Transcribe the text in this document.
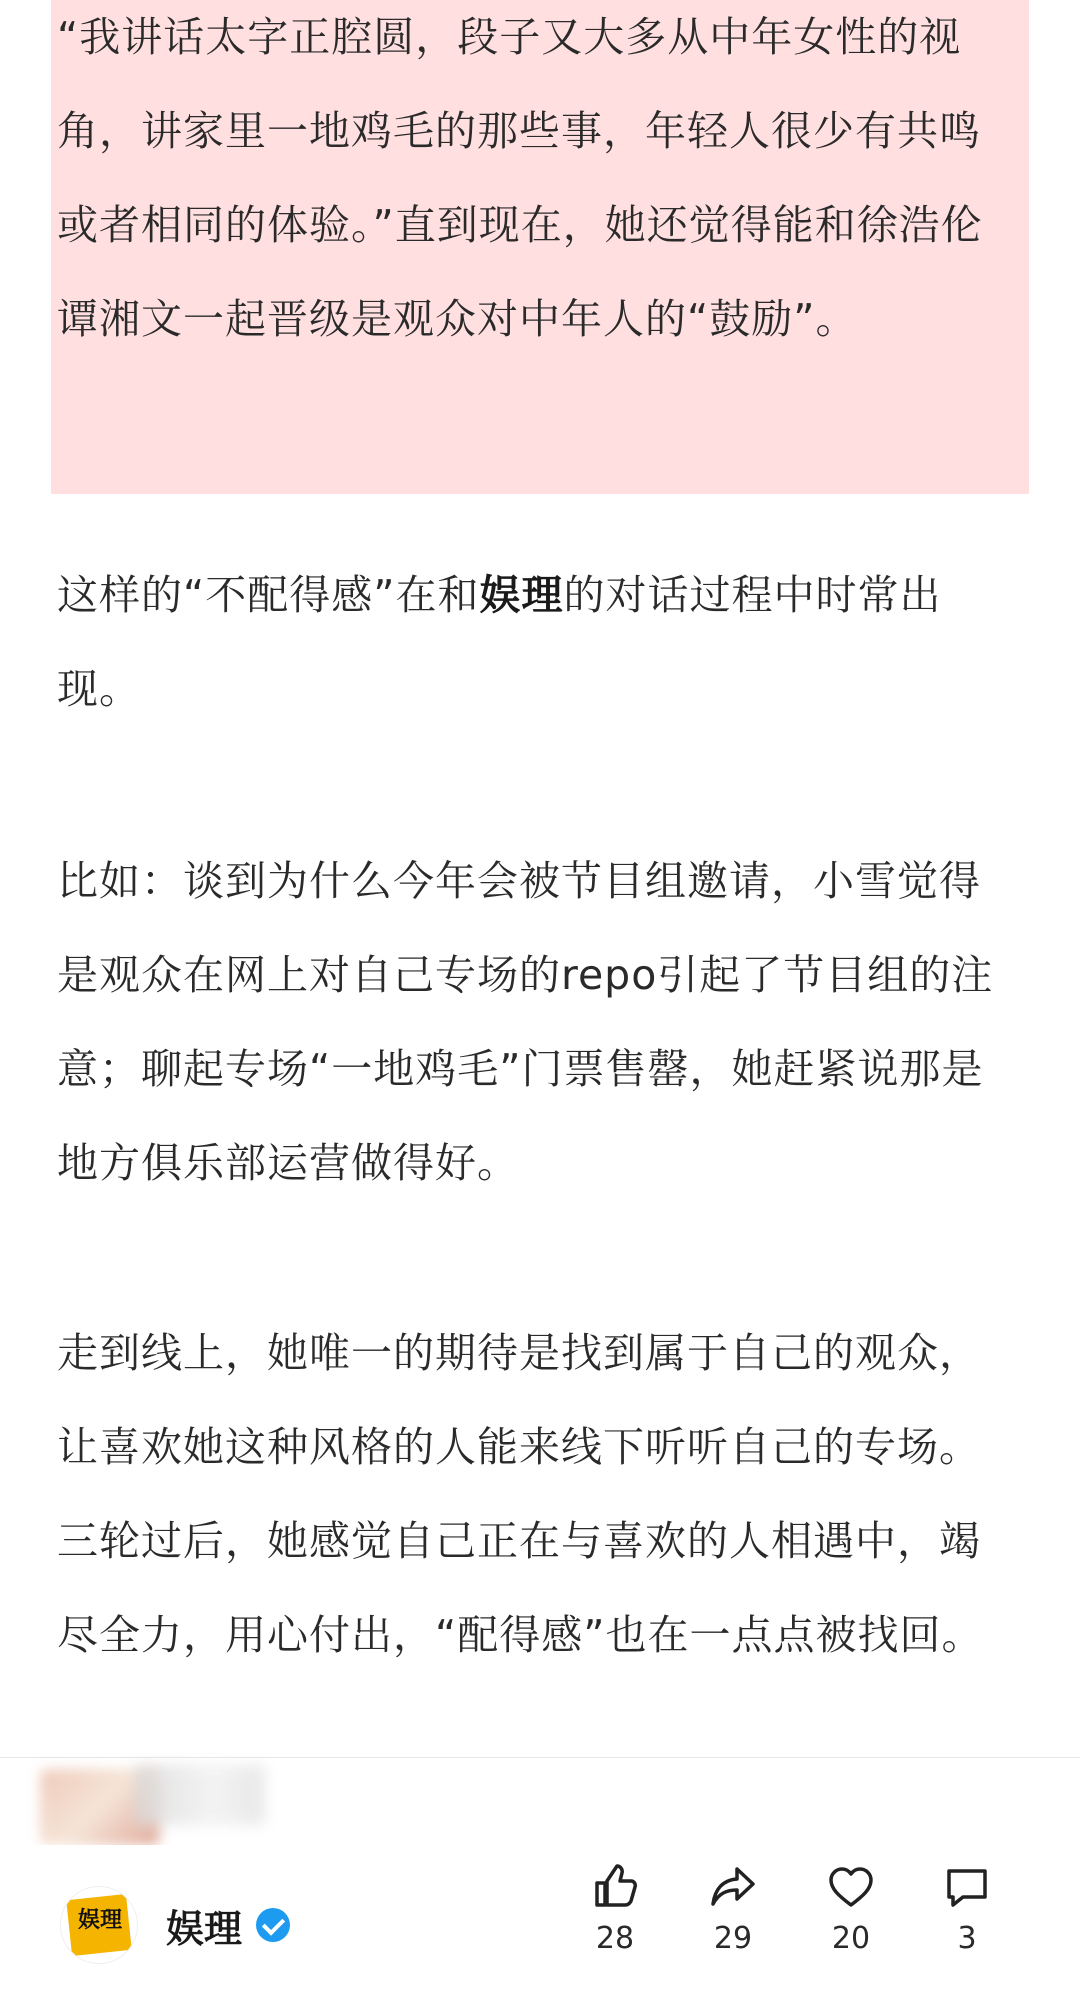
“我讲话太字正腔圆，段子又大多从中年女性的视角，讲家里一地鸡毛的那些事，年轻人很少有共鸣或者相同的体验。”直到现在，她还觉得能和徐浩伦谭湘文一起晋级是观众对中年人的“鼓励”。

这样的“不配得感”在和娱理的对话过程中时常出现。

比如：谈到为什么今年会被节目组邀请，小雪觉得是观众在网上对自己专场的repo引起了节目组的注意；聊起专场“一地鸡毛”门票售罄，她赶紧说那是地方俱乐部运营做得好。

走到线上，她唯一的期待是找到属于自己的观众，让喜欢她这种风格的人能来线下听听自己的专场。三轮过后，她感觉自己正在与喜欢的人相遇中，竭尽全力，用心付出，“配得感”也在一点点被找回。

娱理 娱理	28	29	20	3
